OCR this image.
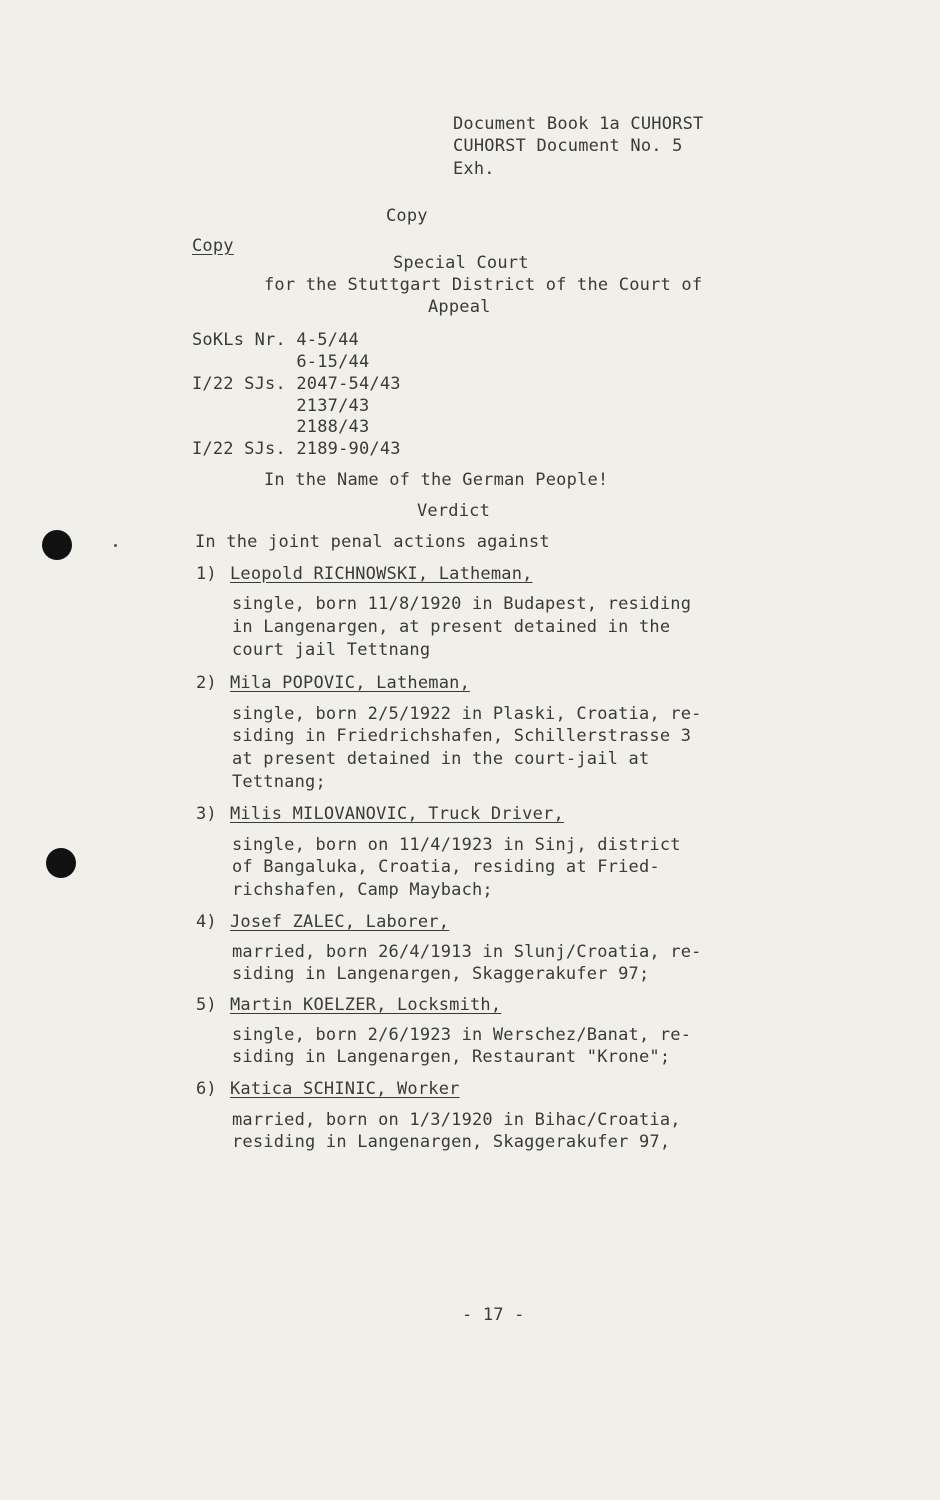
Document Book 1a CUHORST
CUHORST Document No. 5
Exh.
Copy
Copy
Special Court
for the Stuttgart District of the Court of
Appeal
SoKLs Nr. 4-5/44
6-15/44
I/22 SJs. 2047-54/43
2137/43
2188/43
I/22 SJs. 2189-90/43
In the Name of the German People!
Verdict
In the joint penal actions against
1) Leopold RICHNOWSKI, Latheman,
single, born 11/8/1920 in Budapest, residing
in Langenargen, at present detained in the
court jail Tettnang
2) Mila POPOVIC, Latheman,
single, born 2/5/1922 in Plaski, Croatia, re-
siding in Friedrichshafen, Schillerstrasse 3
at present detained in the court-jail at
Tettnang;
3) Milis MILOVANOVIC, Truck Driver,
single, born on 11/4/1923 in Sinj, district
of Bangaluka, Croatia, residing at Fried-
richshafen, Camp Maybach;
4) Josef ZALEC, Laborer,
married, born 26/4/1913 in Slunj/Croatia, re-
siding in Langenargen, Skaggerakufer 97;
5) Martin KOELZER, Locksmith,
single, born 2/6/1923 in Werschez/Banat, re-
siding in Langenargen, Restaurant "Krone";
6) Katica SCHINIC, Worker
married, born on 1/3/1920 in Bihac/Croatia,
residing in Langenargen, Skaggerakufer 97,
- 17 -
